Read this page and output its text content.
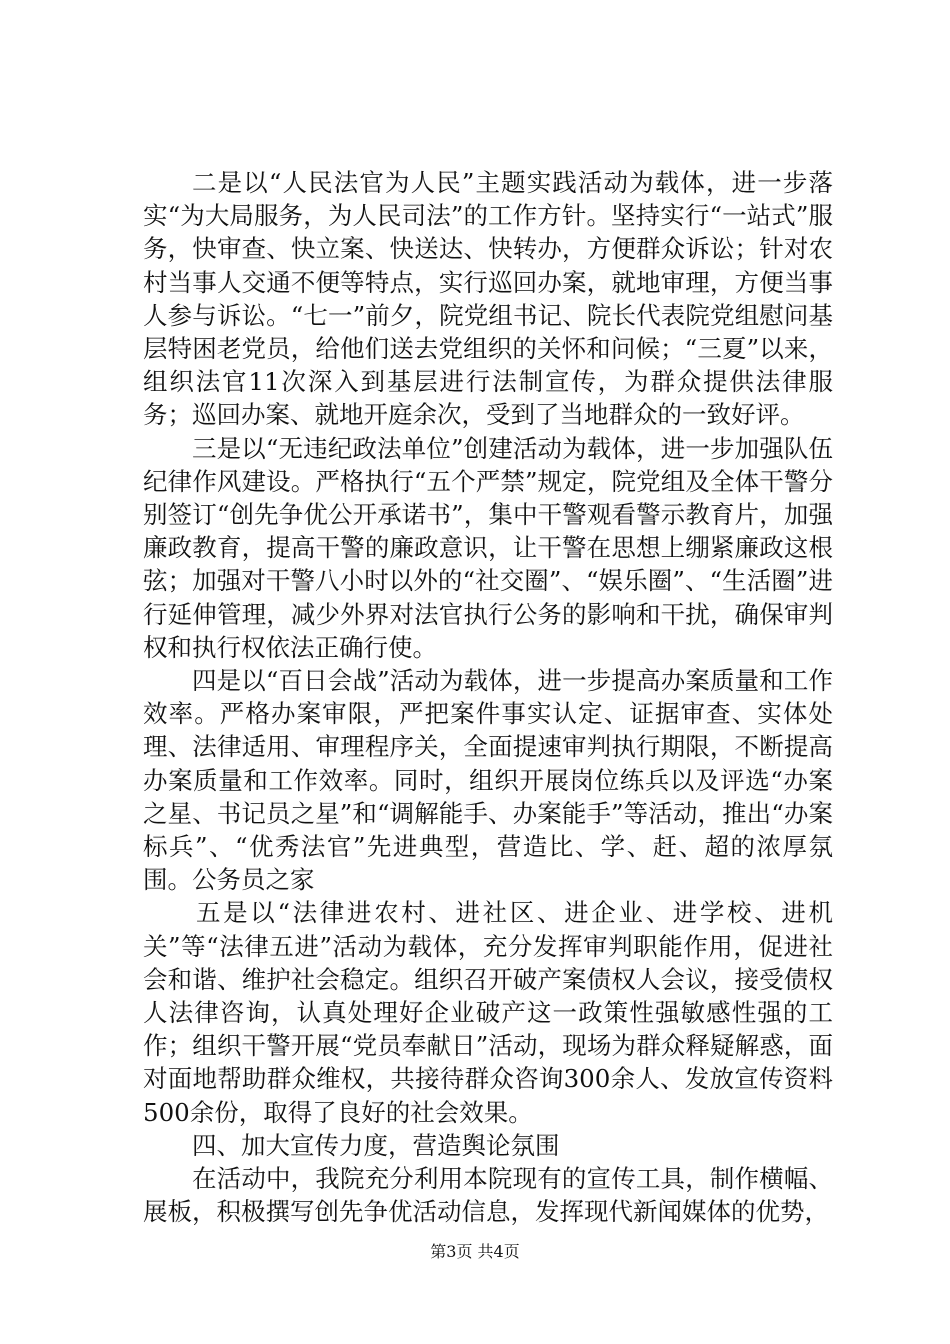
二是以“人民法官为人民”主题实践活动为载体，进一步落实“为大局服务，为人民司法”的工作方针。坚持实行“一站式”服务，快审查、快立案、快送达、快转办，方便群众诉讼；针对农村当事人交通不便等特点，实行巡回办案，就地审理，方便当事人参与诉讼。“七一”前夕，院党组书记、院长代表院党组慰问基层特困老党员，给他们送去党组织的关怀和问候；“三夏”以来，组织法官11次深入到基层进行法制宣传，为群众提供法律服务；巡回办案、就地开庭余次，受到了当地群众的一致好评。

三是以“无违纪政法单位”创建活动为载体，进一步加强队伍纪律作风建设。严格执行“五个严禁”规定，院党组及全体干警分别签订“创先争优公开承诺书”，集中干警观看警示教育片，加强廉政教育，提高干警的廉政意识，让干警在思想上绷紧廉政这根弦；加强对干警八小时以外的“社交圈”、“娱乐圈”、“生活圈”进行延伸管理，减少外界对法官执行公务的影响和干扰，确保审判权和执行权依法正确行使。

四是以“百日会战”活动为载体，进一步提高办案质量和工作效率。严格办案审限，严把案件事实认定、证据审查、实体处理、法律适用、审理程序关，全面提速审判执行期限，不断提高办案质量和工作效率。同时，组织开展岗位练兵以及评选“办案之星、书记员之星”和“调解能手、办案能手”等活动，推出“办案标兵”、“优秀法官”先进典型，营造比、学、赶、超的浓厚氛围。公务员之家

五是以“法律进农村、进社区、进企业、进学校、进机关”等“法律五进”活动为载体，充分发挥审判职能作用，促进社会和谐、维护社会稳定。组织召开破产案债权人会议，接受债权人法律咨询，认真处理好企业破产这一政策性强敏感性强的工作；组织干警开展“党员奉献日”活动，现场为群众释疑解惑，面对面地帮助群众维权，共接待群众咨询300余人、发放宣传资料500余份，取得了良好的社会效果。

四、加大宣传力度，营造舆论氛围

在活动中，我院充分利用本院现有的宣传工具，制作横幅、展板，积极撰写创先争优活动信息，发挥现代新闻媒体的优势，

第3页 共4页
